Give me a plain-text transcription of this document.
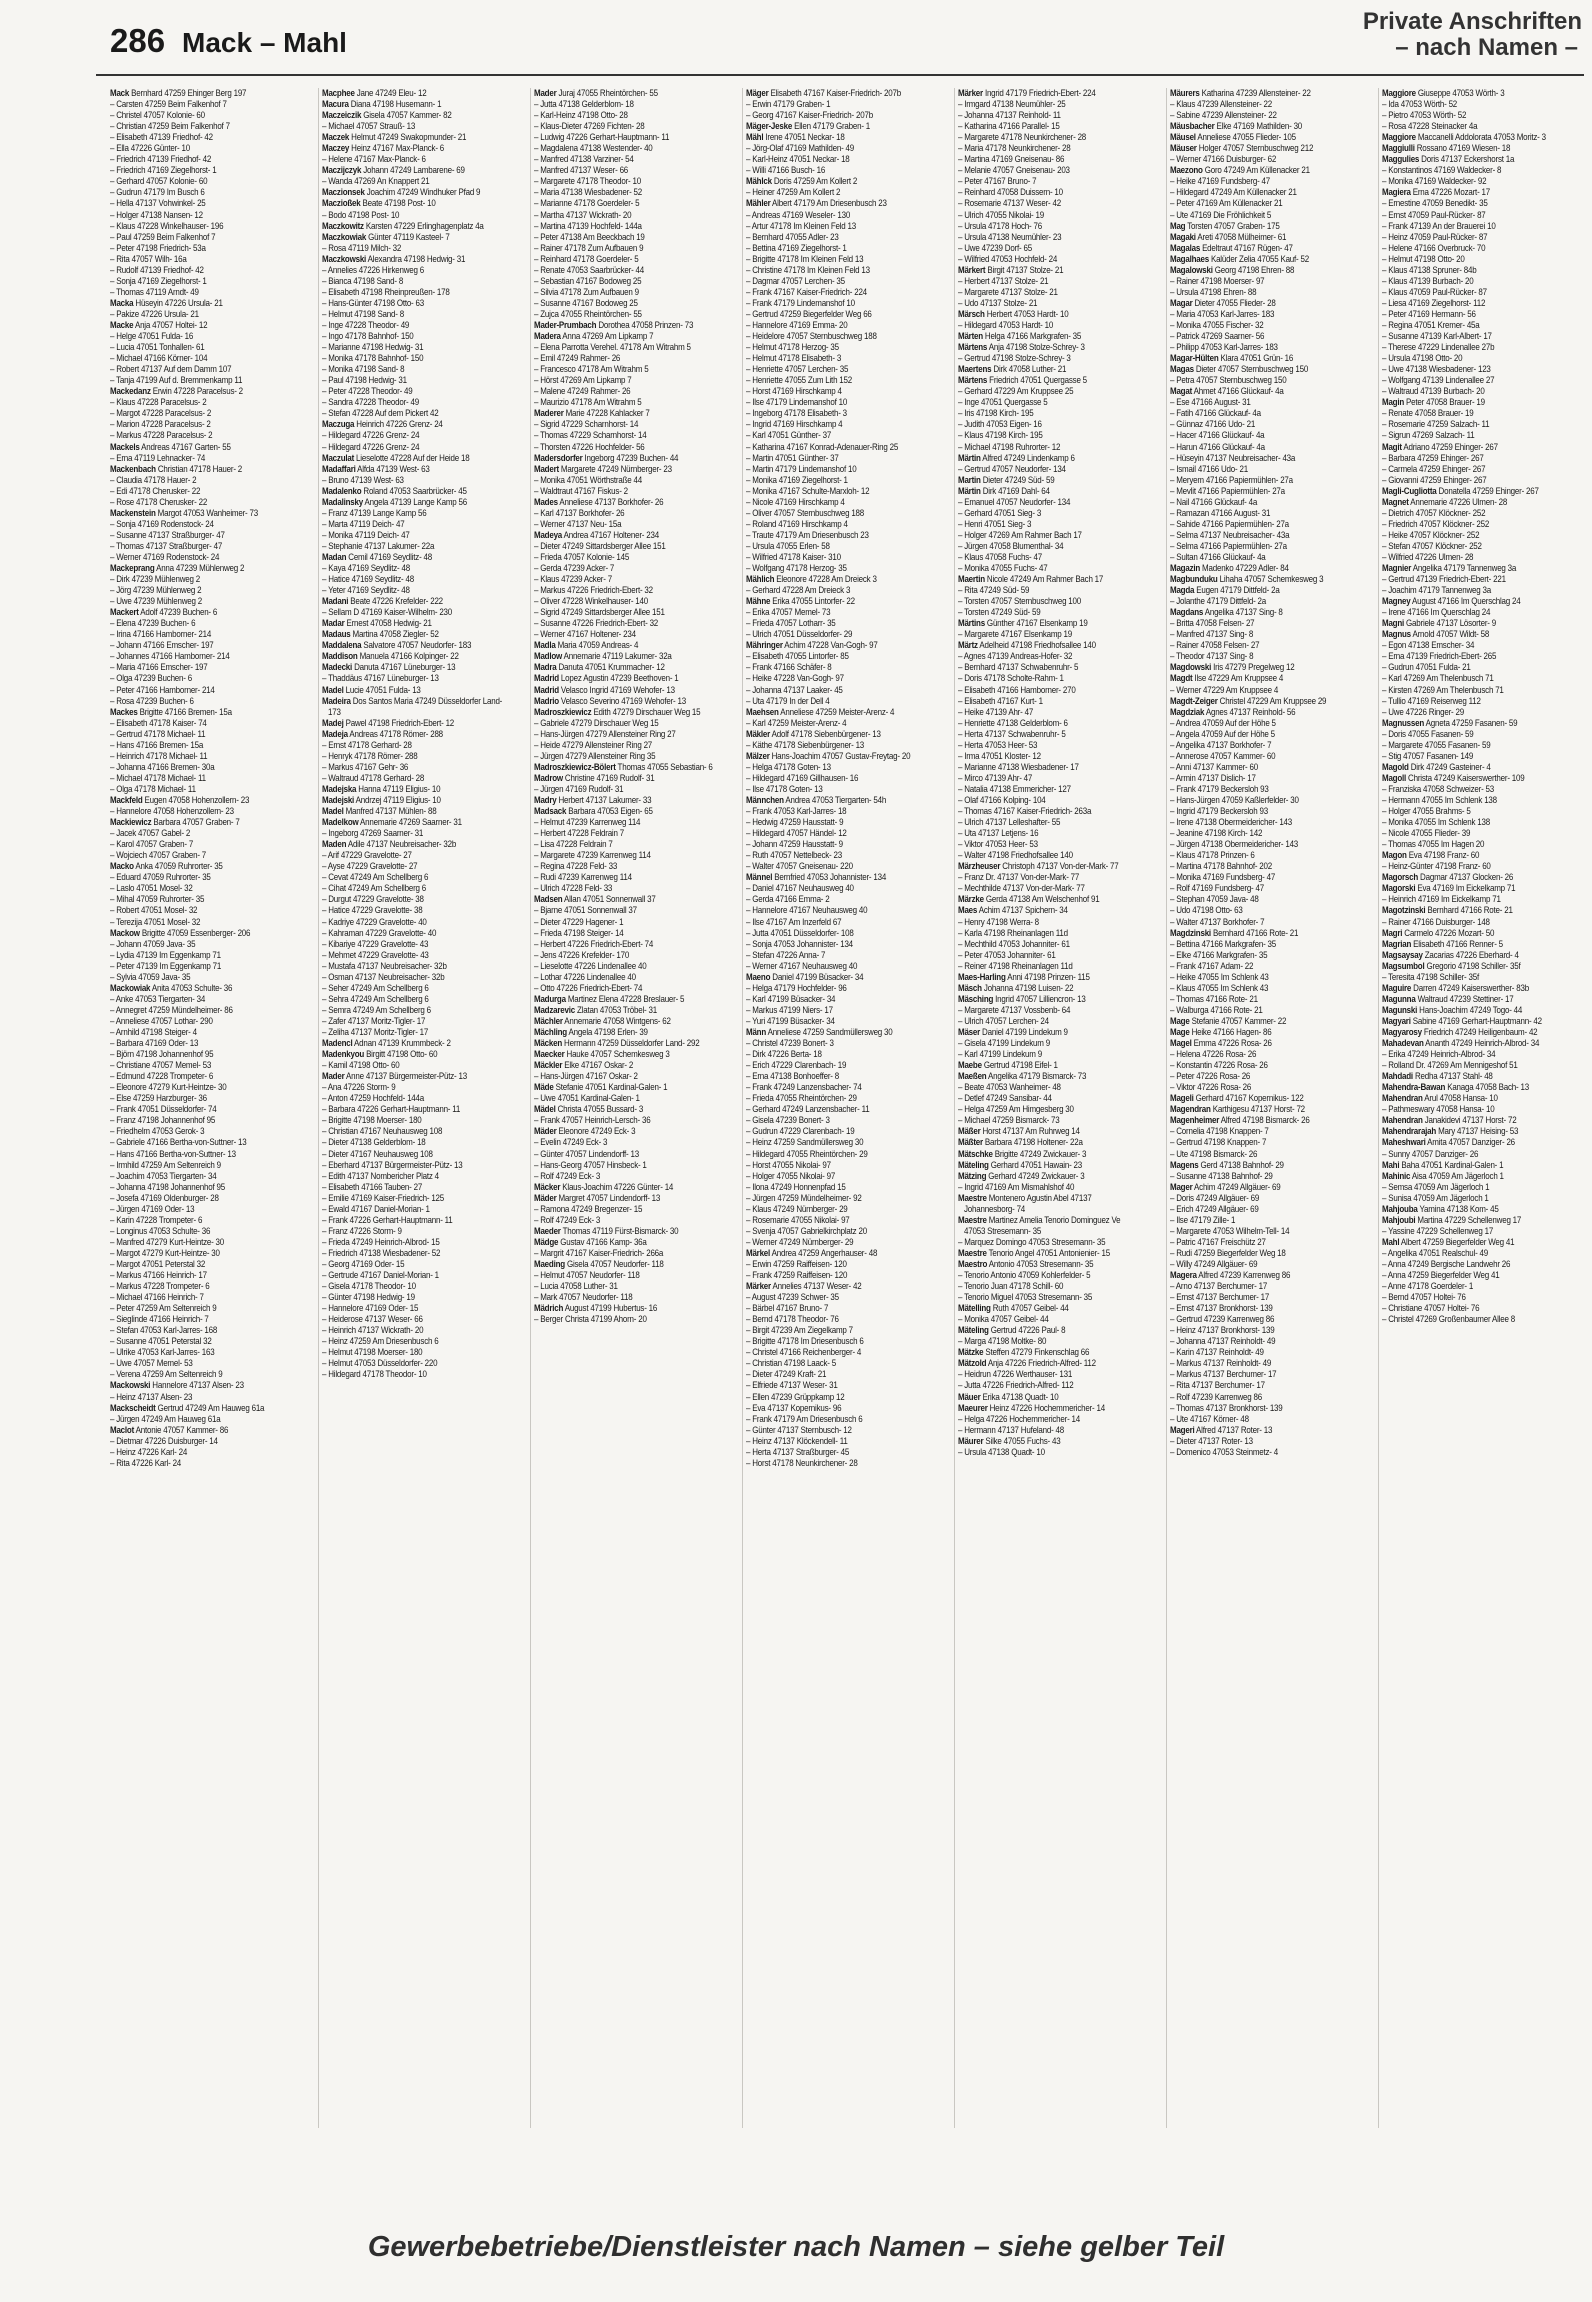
286 Mack – Mahl
Private Anschriften
– nach Namen –
Mack Bernhard 47259 Ehinger Berg 197
– Carsten 47259 Beim Falkenhof 7
– Christel 47057 Kolonie- 60
– Christian 47259 Beim Falkenhof 7
– Elisabeth 47139 Friedhof- 42
– Ella 47226 Günter- 10
– Friedrich 47139 Friedhof- 42
– Friedrich 47169 Ziegelhorst- 1
– Gerhard 47057 Kolonie- 60
– Gudrun 47179 Im Busch 6
– Hella 47137 Vohwinkel- 25
– Holger 47138 Nansen- 12
– Klaus 47228 Winkelhauser- 196
– Paul 47259 Beim Falkenhof 7
– Peter 47198 Friedrich- 53a
– Rita 47057 Wilh- 16a
– Rudolf 47139 Friedhof- 42
– Sonja 47169 Ziegelhorst- 1
– Thomas 47119 Arndt- 49
Macka Hüseyin 47226 Ursula- 21
– Pakize 47226 Ursula- 21
Macke Anja 47057 Holtei- 12
– Helge 47051 Fulda- 16
– Lucia 47051 Tonhallen- 61
– Michael 47166 Körner- 104
– Robert 47137 Auf dem Damm 107
– Tanja 47199 Auf d. Bremmenkamp 11
Mackedanz Erwin 47228 Paracelsus- 2
– Klaus 47228 Paracelsus- 2
– Margot 47228 Paracelsus- 2
– Marion 47228 Paracelsus- 2
– Markus 47228 Paracelsus- 2
Mackels Andreas 47167 Garten- 55
– Erna 47119 Lehnacker- 74
Mackenbach Christian 47178 Hauer- 2
– Claudia 47178 Hauer- 2
– Edi 47178 Cherusker- 22
– Rose 47178 Cherusker- 22
Mackenstein Margot 47053 Wanheimer- 73
– Sonja 47169 Rodenstock- 24
– Susanne 47137 Straßburger- 47
– Thomas 47137 Straßburger- 47
– Werner 47169 Rodenstock- 24
Mackeprang Anna 47239 Mühlenweg 2
– Dirk 47239 Mühlenweg 2
– Jörg 47239 Mühlenweg 2
– Uwe 47239 Mühlenweg 2
Mackert Adolf 47239 Buchen- 6
– Elena 47239 Buchen- 6
– Irina 47166 Hamborner- 214
– Johann 47166 Emscher- 197
– Johannes 47166 Hamborner- 214
– Maria 47166 Emscher- 197
– Olga 47239 Buchen- 6
– Peter 47166 Hamborner- 214
– Rosa 47239 Buchen- 6
Mackes Brigitte 47166 Bremen- 15a
– Elisabeth 47178 Kaiser- 74
– Gertrud 47178 Michael- 11
– Hans 47166 Bremen- 15a
– Heinrich 47178 Michael- 11
– Johanna 47166 Bremen- 30a
– Michael 47178 Michael- 11
– Olga 47178 Michael- 11
Mackfeld Eugen 47058 Hohenzollern- 23
– Hannelore 47058 Hohenzollern- 23
Mackiewicz Barbara 47057 Graben- 7
– Jacek 47057 Gabel- 2
– Karol 47057 Graben- 7
– Wojciech 47057 Graben- 7
Macko Anka 47059 Ruhrorter- 35
– Eduard 47059 Ruhrorter- 35
– Laslo 47051 Mosel- 32
– Mihal 47059 Ruhrorter- 35
– Robert 47051 Mosel- 32
– Terezija 47051 Mosel- 32
Mackow Brigitte 47059 Essenberger- 206
– Johann 47059 Java- 35
– Lydia 47139 Im Eggenkamp 71
– Peter 47139 Im Eggenkamp 71
– Sylvia 47059 Java- 35
Mackowiak Anita 47053 Schulte- 36
– Anke 47053 Tiergarten- 34
– Annegret 47259 Mündelheimer- 86
– Anneliese 47057 Lothar- 290
– Arnhild 47198 Steiger- 4
– Barbara 47169 Oder- 13
– Björn 47198 Johannenhof 95
– Christiane 47057 Memel- 53
– Edmund 47228 Trompeter- 6
– Eleonore 47279 Kurt-Heintze- 30
– Else 47259 Harzburger- 36
– Frank 47051 Düsseldorfer- 74
– Franz 47198 Johannenhof 95
– Friedhelm 47053 Gerok- 3
– Gabriele 47166 Bertha-von-Suttner- 13
– Hans 47166 Bertha-von-Suttner- 13
– Irmhild 47259 Am Seltenreich 9
– Joachim 47053 Tiergarten- 34
– Johanna 47198 Johannenhof 95
– Josefa 47169 Oldenburger- 28
– Jürgen 47169 Oder- 13
– Karin 47228 Trompeter- 6
– Longinus 47053 Schulte- 36
– Manfred 47279 Kurt-Heintze- 30
– Margot 47279 Kurt-Heintze- 30
– Margot 47051 Peterstal 32
– Markus 47166 Heinrich- 17
– Markus 47228 Trompeter- 6
– Michael 47166 Heinrich- 7
– Peter 47259 Am Seltenreich 9
– Sieglinde 47166 Heinrich- 7
– Stefan 47053 Karl-Jarres- 168
– Susanne 47051 Peterstal 32
– Ulrike 47053 Karl-Jarres- 163
– Uwe 47057 Memel- 53
– Verena 47259 Am Seltenreich 9
Mackowski Hannelore 47137 Alsen- 23
– Heinz 47137 Alsen- 23
Mackscheidt Gertrud 47249 Am Hauweg 61a
– Jürgen 47249 Am Hauweg 61a
Maclot Antonie 47057 Kammer- 86
– Dietmar 47226 Duisburger- 14
– Heinz 47226 Karl- 24
– Rita 47226 Karl- 24
Macphee Jane 47249 Eleu- 12
Macura Diana 47198 Husemann- 1
Maczeiczik Gisela 47057 Kammer- 82
– Michael 47057 Strauß- 13
Maczek Helmut 47249 Swakopmunder- 21
Maczey Heinz 47167 Max-Planck- 6
– Helene 47167 Max-Planck- 6
Maczijczyk Johann 47249 Lambarene- 69
– Wanda 47269 An Knappert 21
Maczionsek Joachim 47249 Windhuker Pfad 9
Maczioßek Beate 47198 Post- 10
– Bodo 47198 Post- 10
Maczkowitz Karsten 47229 Erlinghagenplatz 4a
Maczkowiak Günter 47119 Kasteel- 7
– Rosa 47119 Milch- 32
Maczkowski Alexandra 47198 Hedwig- 31
– Annelies 47226 Hirkenweg 6
– Bianca 47198 Sand- 8
– Elisabeth 47198 Rheinpreußen- 178
– Hans-Günter 47198 Otto- 63
– Helmut 47198 Sand- 8
– Inge 47228 Theodor- 49
– Ingo 47178 Bahnhof- 150
– Marianne 47198 Hedwig- 31
– Monika 47178 Bahnhof- 150
– Monika 47198 Sand- 8
– Paul 47198 Hedwig- 31
– Peter 47228 Theodor- 49
– Sandra 47228 Theodor- 49
– Stefan 47228 Auf dem Pickert 42
Maczuga Heinrich 47226 Grenz- 24
– Hildegard 47226 Grenz- 24
– Hildegard 47226 Grenz- 24
Maczulat Lieselotte 47228 Auf der Heide 18
Madaffari Alfda 47139 West- 63
– Bruno 47139 West- 63
Madalenko Roland 47053 Saarbrücker- 45
Madalinsky Angela 47139 Lange Kamp 56
– Franz 47139 Lange Kamp 56
– Marta 47119 Deich- 47
– Monika 47119 Deich- 47
– Stephanie 47137 Lakumer- 22a
Madan Cemil 47169 Seydlitz- 48
– Kaya 47169 Seydlitz- 48
– Hatice 47169 Seydlitz- 48
– Yeter 47169 Seydlitz- 48
Madani Beate 47226 Krefelder- 222
– Sellam D 47169 Kaiser-Wilhelm- 230
Madar Ernest 47058 Hedwig- 21
Madaus Martina 47058 Ziegler- 52
Maddalena Salvatore 47057 Neudorfer- 183
Maddison Manuela 47166 Kolpinger- 22
Madecki Danuta 47167 Lüneburger- 13
– Thaddäus 47167 Lüneburger- 13
Madel Lucie 47051 Fulda- 13
Madeira Dos Santos Maria 47249 Düsseldorfer Land- 173
Madej Pawel 47198 Friedrich-Ebert- 12
Madeja Andreas 47178 Römer- 288
– Ernst 47178 Gerhard- 28
– Henryk 47178 Römer- 288
– Markus 47167 Gehr- 36
– Waltraud 47178 Gerhard- 28
Madejska Hanna 47119 Eligius- 10
Madejski Andrzej 47119 Eligius- 10
Madel Manfred 47137 Mühlen- 88
Madelkow Annemarie 47269 Saarner- 31
– Ingeborg 47269 Saarner- 31
Maden Adile 47137 Neubreisacher- 32b
– Arif 47229 Gravelotte- 27
– Ayse 47229 Gravelotte- 27
– Cevat 47249 Am Schellberg 6
– Cihat 47249 Am Schellberg 6
– Durgut 47229 Gravelotte- 38
– Hatice 47229 Gravelotte- 38
– Kadriye 47229 Gravelotte- 40
– Kahraman 47229 Gravelotte- 40
– Kibariye 47229 Gravelotte- 43
– Mehmet 47229 Gravelotte- 43
– Mustafa 47137 Neubreisacher- 32b
– Osman 47137 Neubreisacher- 32b
– Seher 47249 Am Schellberg 6
– Sehra 47249 Am Schellberg 6
– Semra 47249 Am Schellberg 6
– Zafer 47137 Moritz-Tigler- 17
– Zeliha 47137 Moritz-Tigler- 17
Madencl Adnan 47139 Krummbeck- 2
Madenkyou Birgitt 47198 Otto- 60
– Kamil 47198 Otto- 60
Mader Anne 47137 Bürgermeister-Pütz- 13
– Ana 47226 Storm- 9
– Anton 47259 Hochfeld- 144a
– Barbara 47226 Gerhart-Hauptmann- 11
– Brigitte 47198 Moerser- 180
– Christian 47167 Neuhausweg 108
– Dieter 47138 Gelderblom- 18
– Dieter 47167 Neuhausweg 108
– Eberhard 47137 Bürgermeister-Pütz- 13
– Edith 47137 Nombericher Platz 4
– Elisabeth 47166 Tauben- 27
– Emilie 47169 Kaiser-Friedrich- 125
– Ewald 47167 Daniel-Morian- 1
– Frank 47226 Gerhart-Hauptmann- 11
– Franz 47226 Storm- 9
– Frieda 47249 Heinrich-Albrod- 15
– Friedrich 47138 Wiesbadener- 52
– Georg 47169 Oder- 15
– Gertrude 47167 Daniel-Morian- 1
– Gisela 47178 Theodor- 10
– Günter 47198 Hedwig- 19
– Hannelore 47169 Oder- 15
– Heiderose 47137 Weser- 66
– Heinrich 47137 Wickrath- 20
– Heinz 47259 Am Driesenbusch 6
– Helmut 47198 Moerser- 180
– Helmut 47053 Düsseldorfer- 220
– Hildegard 47178 Theodor- 10
Mader Juraj 47055 Rheintörchen- 55
– Jutta 47138 Gelderblom- 18
– Karl-Heinz 47198 Otto- 28
– Klaus-Dieter 47269 Fichten- 28
– Ludwig 47226 Gerhart-Hauptmann- 11
– Magdalena 47138 Westender- 40
– Manfred 47138 Varziner- 54
– Manfred 47137 Weser- 66
– Margarete 47178 Theodor- 10
– Maria 47138 Wiesbadener- 52
– Marianne 47178 Goerdeler- 5
– Martha 47137 Wickrath- 20
– Martina 47139 Hochfeld- 144a
– Peter 47138 Am Beeckbach 19
– Rainer 47178 Zum Aufbauen 9
– Reinhard 47178 Goerdeler- 5
– Renate 47053 Saarbrücker- 44
– Sebastian 47167 Bodoweg 25
– Silvia 47178 Zum Aufbauen 9
– Susanne 47167 Bodoweg 25
– Zujca 47055 Rheintörchen- 55
Mader-Prumbach Dorothea 47058 Prinzen- 73
Madera Anna 47269 Am Lipkamp 7
– Elena Parrotta Verehel. 47178 Am Witrahm 5
– Emil 47249 Rahmer- 26
– Francesco 47178 Am Witrahm 5
– Hörst 47269 Am Lipkamp 7
– Malene 47249 Rahmer- 26
– Maurizio 47178 Am Witrahm 5
Maderer Marie 47228 Kahlacker 7
– Sigrid 47229 Scharnhorst- 14
– Thomas 47229 Scharnhorst- 14
– Thorsten 47226 Hochfelder- 56
Madersdorfer Ingeborg 47239 Buchen- 44
Madert Margarete 47249 Nürnberger- 23
– Monika 47051 Wörthstraße 44
– Waldtraut 47167 Fiskus- 2
Mades Anneliese 47137 Borkhofer- 26
– Karl 47137 Borkhofer- 26
– Werner 47137 Neu- 15a
Madeya Andrea 47167 Holtener- 234
– Dieter 47249 Sittardsberger Allee 151
– Frieda 47057 Kolonie- 145
– Gerda 47239 Acker- 7
– Klaus 47239 Acker- 7
– Markus 47226 Friedrich-Ebert- 32
– Oliver 47228 Winkelhauser- 140
– Sigrid 47249 Sittardsberger Allee 151
– Susanne 47226 Friedrich-Ebert- 32
– Werner 47167 Holtener- 234
Madla Maria 47059 Andreas- 4
Madlow Annemarie 47119 Lakumer- 32a
Madra Danuta 47051 Krummacher- 12
Madrid Lopez Agustin 47239 Beethoven- 1
Madrid Velasco Ingrid 47169 Wehofer- 13
Madrio Velasco Severino 47169 Wehofer- 13
Madroszkiewicz Edith 47279 Dirschauer Weg 15
– Gabriele 47279 Dirschauer Weg 15
– Hans-Jürgen 47279 Allensteiner Ring 27
– Heide 47279 Allensteiner Ring 27
– Jürgen 47279 Allensteiner Ring 35
Madroszkiewicz-Bölert Thomas 47055 Sebastian- 6
Madrow Christine 47169 Rudolf- 31
– Jürgen 47169 Rudolf- 31
Madry Herbert 47137 Lakumer- 33
Madsack Barbara 47053 Eigen- 65
– Helmut 47239 Karrenweg 114
– Herbert 47228 Feldrain 7
– Lisa 47228 Feldrain 7
– Margarete 47239 Karrenweg 114
– Regina 47228 Feld- 33
– Rudi 47239 Karrenweg 114
– Ulrich 47228 Feld- 33
Madsen Allan 47051 Sonnenwall 37
– Bjarne 47051 Sonnenwall 37
– Dieter 47229 Hagener- 1
– Frieda 47198 Steiger- 14
– Herbert 47226 Friedrich-Ebert- 74
– Jens 47226 Krefelder- 170
– Lieselotte 47226 Lindenallee 40
– Lothar 47226 Lindenallee 40
– Otto 47226 Friedrich-Ebert- 74
Madurga Martinez Elena 47228 Breslauer- 5
Madzarevic Zlatan 47053 Tröbel- 31
Mächler Annemarie 47058 Wintgens- 62
Mächling Angela 47198 Erlen- 39
Mäcken Hermann 47259 Düsseldorfer Land- 292
Maecker Hauke 47057 Schemkesweg 3
Mäckler Elke 47167 Oskar- 2
– Hans-Jürgen 47167 Oskar- 2
Mäde Stefanie 47051 Kardinal-Galen- 1
– Uwe 47051 Kardinal-Galen- 1
Mädel Christa 47055 Bussard- 3
– Frank 47057 Heinrich-Lersch- 36
Mäder Eleonore 47249 Eck- 3
– Evelin 47249 Eck- 3
– Günter 47057 Lindendorff- 13
– Hans-Georg 47057 Hinsbeck- 1
– Rolf 47249 Eck- 3
Mäcker Klaus-Joachim 47226 Günter- 14
Mäder Margret 47057 Lindendorff- 13
– Ramona 47249 Bregenzer- 15
– Rolf 47249 Eck- 3
Maeder Thomas 47119 Fürst-Bismarck- 30
Mädge Gustav 47166 Kamp- 36a
– Margrit 47167 Kaiser-Friedrich- 266a
Maeding Gisela 47057 Neudorfer- 118
– Helmut 47057 Neudorfer- 118
– Lucia 47058 Luther- 31
– Mark 47057 Neudorfer- 118
Mädrich August 47199 Hubertus- 16
– Berger Christa 47199 Ahorn- 20
Mäger Elisabeth 47167 Kaiser-Friedrich- 207b
– Erwin 47179 Graben- 1
– Georg 47167 Kaiser-Friedrich- 207b
Mäger-Jeske Ellen 47179 Graben- 1
Mähl Irene 47051 Neckar- 18
– Jörg-Olaf 47169 Mathilden- 49
– Karl-Heinz 47051 Neckar- 18
– Willi 47166 Busch- 16
Mählck Doris 47259 Am Kollert 2
– Heiner 47259 Am Kollert 2
Mähler Albert 47179 Am Driesenbusch 23
– Andreas 47169 Weseler- 130
– Artur 47178 Im Kleinen Feld 13
– Bernhard 47055 Adler- 23
– Bettina 47169 Ziegelhorst- 1
– Brigitte 47178 Im Kleinen Feld 13
– Christine 47178 Im Kleinen Feld 13
– Dagmar 47057 Lerchen- 35
– Frank 47167 Kaiser-Friedrich- 224
– Frank 47179 Lindemanshof 10
– Gertrud 47259 Biegerfelder Weg 66
– Hannelore 47169 Emma- 20
– Heidelore 47057 Sternbuschweg 188
– Helmut 47178 Herzog- 35
– Helmut 47178 Elisabeth- 3
– Henriette 47057 Lerchen- 35
– Henriette 47055 Zum Lith 152
– Horst 47169 Hirschkamp 4
– Ilse 47179 Lindemanshof 10
– Ingeborg 47178 Elisabeth- 3
– Ingrid 47169 Hirschkamp 4
– Karl 47051 Günther- 37
– Katharina 47167 Konrad-Adenauer-Ring 25
– Martin 47051 Günther- 37
– Martin 47179 Lindemanshof 10
– Monika 47169 Ziegelhorst- 1
– Monika 47167 Schulte-Marxloh- 12
– Nicole 47169 Hirschkamp 4
– Oliver 47057 Sternbuschweg 188
– Roland 47169 Hirschkamp 4
– Traute 47179 Am Driesenbusch 23
– Ursula 47055 Erlen- 58
– Wilfried 47178 Kaiser- 310
– Wolfgang 47178 Herzog- 35
Mählich Eleonore 47228 Am Dreieck 3
– Gerhard 47228 Am Dreieck 3
Mähne Erika 47055 Lintorfer- 22
– Erika 47057 Memel- 73
– Frieda 47057 Lotharr- 35
– Ulrich 47051 Düsseldorfer- 29
Mähringer Achim 47228 Van-Gogh- 97
– Elisabeth 47055 Lintorfer- 85
– Frank 47166 Schäfer- 8
– Heike 47228 Van-Gogh- 97
– Johanna 47137 Laaker- 45
– Uta 47179 In der Dell 4
Maehsen Anneliese 47259 Meister-Arenz- 4
– Karl 47259 Meister-Arenz- 4
Mäkler Adolf 47178 Siebenbürgener- 13
– Käthe 47178 Siebenbürgener- 13
Mälzer Hans-Joachim 47057 Gustav-Freytag- 20
– Helga 47178 Goten- 13
– Hildegard 47169 Gillhausen- 16
– Ilse 47178 Goten- 13
Männchen Andrea 47053 Tiergarten- 54h
– Frank 47053 Karl-Jarres- 18
– Hedwig 47259 Hausstatt- 9
– Hildegard 47057 Händel- 12
– Johann 47259 Hausstatt- 9
– Ruth 47057 Nettelbeck- 23
– Walter 47057 Gneisenau- 220
Männel Bernfried 47053 Johannister- 134
– Daniel 47167 Neuhausweg 40
– Gerda 47166 Emma- 2
– Hannelore 47167 Neuhausweg 40
– Ilse 47167 Am Inzerfeld 67
– Jutta 47051 Düsseldorfer- 108
– Sonja 47053 Johannister- 134
– Stefan 47226 Anna- 7
– Werner 47167 Neuhausweg 40
Maeno Daniel 47199 Büsacker- 34
– Helga 47179 Hochfelder- 96
– Karl 47199 Büsacker- 34
– Markus 47199 Niers- 17
– Yuri 47199 Büsacker- 34
Männ Anneliese 47259 Sandmüllersweg 30
– Christel 47239 Bonert- 3
– Dirk 47226 Berta- 18
– Erich 47229 Clarenbach- 19
– Erna 47138 Bonhoeffer- 8
– Frank 47249 Lanzensbacher- 74
– Frieda 47055 Rheintörchen- 29
– Gerhard 47249 Lanzensbacher- 11
– Gisela 47239 Bonert- 3
– Gudrun 47229 Clarenbach- 19
– Heinz 47259 Sandmüllersweg 30
– Hildegard 47055 Rheintörchen- 29
– Horst 47055 Nikolai- 97
– Holger 47055 Nikolai- 97
– Ilona 47249 Honnenpfad 15
– Jürgen 47259 Mündelheimer- 92
– Klaus 47249 Nürnberger- 29
– Rosemarie 47055 Nikolai- 97
– Svenja 47057 Gabrielkirchplatz 20
– Werner 47249 Nürnberger- 29
Märkel Andrea 47259 Angerhauser- 48
– Erwin 47259 Raiffeisen- 120
– Frank 47259 Raiffeisen- 120
Märker Annelies 47137 Weser- 42
– August 47239 Schwer- 35
– Bärbel 47167 Bruno- 7
– Bernd 47178 Theodor- 76
– Birgit 47239 Am Ziegelkamp 7
– Brigitte 47178 Im Driesenbusch 6
– Christel 47166 Reichenberger- 4
– Christian 47198 Laack- 5
– Dieter 47249 Kraft- 21
– Elfriede 47137 Weser- 31
– Ellen 47239 Grüppkamp 12
– Eva 47137 Kopernikus- 96
– Frank 47179 Am Driesenbusch 6
– Günter 47137 Sternbusch- 12
– Heinz 47137 Klöckendell- 11
– Herta 47137 Straßburger- 45
– Horst 47178 Neunkirchener- 28
Märker Ingrid 47179 Friedrich-Ebert- 224
– Irmgard 47138 Neumühler- 25
– Johanna 47137 Reinhold- 11
– Katharina 47166 Parallel- 15
– Margarete 47178 Neunkirchener- 28
– Maria 47178 Neunkirchener- 28
– Martina 47169 Gneisenau- 86
– Melanie 47057 Gneisenau- 203
– Peter 47167 Bruno- 7
– Reinhard 47058 Duissern- 10
– Rosemarie 47137 Weser- 42
– Ulrich 47055 Nikolai- 19
– Ursula 47178 Hoch- 76
– Ursula 47138 Neumühler- 23
– Uwe 47239 Dorf- 65
– Wilfried 47053 Hochfeld- 24
Märkert Birgit 47137 Stolze- 21
– Herbert 47137 Stolze- 21
– Margarete 47137 Stolze- 21
– Udo 47137 Stolze- 21
Märsch Herbert 47053 Hardt- 10
– Hildegard 47053 Hardt- 10
Märten Helga 47166 Markgrafen- 35
Märtens Anja 47198 Stolze-Schrey- 3
– Gertrud 47198 Stolze-Schrey- 3
Maertens Dirk 47058 Luther- 21
Märtens Friedrich 47051 Quergasse 5
– Gerhard 47229 Am Kruppsee 25
– Inge 47051 Quergasse 5
– Iris 47198 Kirch- 195
– Judith 47053 Eigen- 16
– Klaus 47198 Kirch- 195
– Michael 47198 Ruhrorter- 12
Märtin Alfred 47249 Lindenkamp 6
– Gertrud 47057 Neudorfer- 134
Martin Dieter 47249 Süd- 59
Märtin Dirk 47169 Dahl- 64
– Emanuel 47057 Neudorfer- 134
– Gerhard 47051 Sieg- 3
– Henri 47051 Sieg- 3
– Holger 47269 Am Rahmer Bach 17
– Jürgen 47058 Blumenthal- 34
– Klaus 47058 Fuchs- 47
– Monika 47055 Fuchs- 47
Maertin Nicole 47249 Am Rahmer Bach 17
– Rita 47249 Süd- 59
– Torsten 47057 Sternbuschweg 100
– Torsten 47249 Süd- 59
Märtins Günther 47167 Elsenkamp 19
– Margarete 47167 Elsenkamp 19
Märtz Adelheid 47198 Friedhofsallee 140
– Agnes 47139 Andreas-Hofer- 32
– Bernhard 47137 Schwabenruhr- 5
– Doris 47178 Scholte-Rahm- 1
– Elisabeth 47166 Hamborner- 270
– Elisabeth 47167 Kurt- 1
– Heike 47139 Ahr- 47
– Henriette 47138 Gelderblom- 6
– Herta 47137 Schwabenruhr- 5
– Herta 47053 Heer- 53
– Irma 47051 Kloster- 12
– Marianne 47138 Wiesbadener- 17
– Mirco 47139 Ahr- 47
– Natalia 47138 Emmericher- 127
– Olaf 47166 Kolping- 104
– Thomas 47167 Kaiser-Friedrich- 263a
– Ulrich 47137 Lelleshafter- 55
– Uta 47137 Letjens- 16
– Viktor 47053 Heer- 53
– Walter 47198 Friedhofsallee 140
Märzheuser Christoph 47137 Von-der-Mark- 77
– Franz Dr. 47137 Von-der-Mark- 77
– Mechthilde 47137 Von-der-Mark- 77
Märzke Gerda 47138 Am Welschenhof 91
Maes Achim 47137 Spichern- 34
– Henry 47198 Werra- 8
– Karla 47198 Rheinanlagen 11d
– Mechthild 47053 Johanniter- 61
– Peter 47053 Johanniter- 61
– Reiner 47198 Rheinanlagen 11d
Maes-Harling Anni 47198 Prinzen- 115
Mäsch Johanna 47198 Luisen- 22
Mäsching Ingrid 47057 Lilliencron- 13
– Margarete 47137 Vossbenb- 64
– Ulrich 47057 Lerchen- 24
Mäser Daniel 47199 Lindekum 9
– Gisela 47199 Lindekum 9
– Karl 47199 Lindekum 9
Maebe Gertrud 47198 Eifel- 1
Maeßen Angelika 47179 Bismarck- 73
– Beate 47053 Wanheimer- 48
– Detlef 47249 Sansibar- 44
– Helga 47259 Am Himgesberg 30
– Michael 47259 Bismarck- 73
Mäßer Horst 47137 Am Ruhrweg 14
Mäßter Barbara 47198 Holtener- 22a
Mätschke Brigitte 47249 Zwickauer- 3
Mäteling Gerhard 47051 Hawain- 23
Mätzing Gerhard 47249 Zwickauer- 3
– Ingrid 47169 Am Mismahlshof 40
Maestre Montenero Agustin Abel 47137 Johannesborg- 74
Maestre Martinez Amelia Tenorio Dominguez Ve 47053 Stresemann- 35
– Marquez Domingo 47053 Stresemann- 35
Maestre Tenorio Angel 47051 Antonienier- 15
Maestro Antonio 47053 Stresemann- 35
– Tenorio Antonio 47059 Kohlerfelder- 5
– Tenorio Juan 47178 Schill- 60
– Tenorio Miguel 47053 Stresemann- 35
Mätelling Ruth 47057 Geibel- 44
– Monika 47057 Geibel- 44
Mäteling Gertrud 47226 Paul- 8
– Marga 47198 Moltke- 80
Mätzke Steffen 47279 Finkenschlag 66
Mätzold Anja 47226 Friedrich-Alfred- 112
– Heidrun 47226 Werthauser- 131
– Jutta 47226 Friedrich-Alfred- 112
Mäuer Erika 47138 Quadt- 10
Maeurer Heinz 47226 Hochemmericher- 14
– Helga 47226 Hochemmericher- 14
– Hermann 47137 Hufeland- 48
Mäurer Silke 47055 Fuchs- 43
– Ursula 47138 Quadt- 10
Mäurers Katharina 47239 Allensteiner- 22
– Klaus 47239 Allensteiner- 22
– Sabine 47239 Allensteiner- 22
Mäusbacher Elke 47169 Mathilden- 30
Mäusel Anneliese 47055 Flieder- 105
Mäuser Holger 47057 Sternbuschweg 212
– Werner 47166 Duisburger- 62
Maezono Goro 47249 Am Küllenacker 21
– Heike 47169 Fundsberg- 47
– Hildegard 47249 Am Küllenacker 21
– Peter 47169 Am Küllenacker 21
– Ute 47169 Die Fröhlichkeit 5
Mag Torsten 47057 Graben- 175
Magaki Areti 47058 Mülheimer- 61
Magalas Edeltraut 47167 Rügen- 47
Magalhaes Kalüder Zelia 47055 Kauf- 52
Magalowski Georg 47198 Ehren- 88
– Rainer 47198 Moerser- 97
– Ursula 47198 Ehren- 88
Magar Dieter 47055 Flieder- 28
– Maria 47053 Karl-Jarres- 183
– Monika 47055 Fischer- 32
– Patrick 47269 Saarner- 56
– Philipp 47053 Karl-Jarres- 183
Magar-Hülten Klara 47051 Grün- 16
Magas Dieter 47057 Sternbuschweg 150
– Petra 47057 Sternbuschweg 150
Magat Ahmet 47166 Glückauf- 4a
– Ese 47166 August- 31
– Fatih 47166 Glückauf- 4a
– Günnaz 47166 Udo- 21
– Hacer 47166 Glückauf- 4a
– Harun 47166 Glückauf- 4a
– Hüseyin 47137 Neubreisacher- 43a
– Ismail 47166 Udo- 21
– Meryem 47166 Papiermühlen- 27a
– Mevlit 47166 Papiermühlen- 27a
– Nail 47166 Glückauf- 4a
– Ramazan 47166 August- 31
– Sahide 47166 Papiermühlen- 27a
– Selma 47137 Neubreisacher- 43a
– Selma 47166 Papiermühlen- 27a
– Sultan 47166 Glückauf- 4a
Magazin Madenko 47229 Adler- 84
Magbunduku Lihaha 47057 Schemkesweg 3
Magda Eugen 47179 Dittfeld- 2a
– Jolanthe 47179 Dittfeld- 2a
Magdans Angelika 47137 Sing- 8
– Britta 47058 Felsen- 27
– Manfred 47137 Sing- 8
– Rainer 47058 Felsen- 27
– Theodor 47137 Sing- 8
Magdowski Iris 47279 Pregelweg 12
Magdt Ilse 47229 Am Kruppsee 4
– Werner 47229 Am Kruppsee 4
Magdt-Zeiger Christel 47229 Am Kruppsee 29
Magdziak Agnes 47137 Reinhold- 56
– Andrea 47059 Auf der Höhe 5
– Angela 47059 Auf der Höhe 5
– Angelika 47137 Borkhofer- 7
– Annerose 47057 Kammer- 60
– Anni 47137 Kammer- 60
– Armin 47137 Dislich- 17
– Frank 47179 Beckersloh 93
– Hans-Jürgen 47059 Kaßlerfelder- 30
– Ingrid 47179 Beckersloh 93
– Irene 47138 Obermeidericher- 143
– Jeanine 47198 Kirch- 142
– Jürgen 47138 Obermeidericher- 143
– Klaus 47178 Prinzen- 6
– Martina 47178 Bahnhof- 202
– Monika 47169 Fundsberg- 47
– Rolf 47169 Fundsberg- 47
– Stephan 47059 Java- 48
– Udo 47198 Otto- 63
– Walter 47137 Borkhofer- 7
Magdzinski Bernhard 47166 Rote- 21
– Bettina 47166 Markgrafen- 35
– Elke 47166 Markgrafen- 35
– Frank 47167 Adam- 22
– Heike 47055 Im Schlenk 43
– Klaus 47055 Im Schlenk 43
– Thomas 47166 Rote- 21
– Walburga 47166 Rote- 21
Mage Stefanie 47057 Kammer- 22
Mage Heike 47166 Hagen- 86
Magel Emma 47226 Rosa- 26
– Helena 47226 Rosa- 26
– Konstantin 47226 Rosa- 26
– Peter 47226 Rosa- 26
– Viktor 47226 Rosa- 26
Mageli Gerhard 47167 Kopernikus- 122
Magendran Karthigesu 47137 Horst- 72
Magenheimer Alfred 47198 Bismarck- 26
– Cornelia 47198 Knappen- 7
– Gertrud 47198 Knappen- 7
– Ute 47198 Bismarck- 26
Magens Gerd 47138 Bahnhof- 29
– Susanne 47138 Bahnhof- 29
Mager Achim 47249 Allgäuer- 69
– Doris 47249 Allgäuer- 69
– Erich 47249 Allgäuer- 69
– Ilse 47179 Zille- 1
– Margarete 47053 Wilhelm-Tell- 14
– Patric 47167 Freischütz 27
– Rudi 47259 Biegerfelder Weg 18
– Willy 47249 Allgäuer- 69
Magera Alfred 47239 Karrenweg 86
– Arno 47137 Berchumer- 17
– Ernst 47137 Berchumer- 17
– Ernst 47137 Bronkhorst- 139
– Gertrud 47239 Karrenweg 86
– Heinz 47137 Bronkhorst- 139
– Johanna 47137 Reinholdt- 49
– Karin 47137 Reinholdt- 49
– Markus 47137 Reinholdt- 49
– Markus 47137 Berchumer- 17
– Rita 47137 Berchumer- 17
– Rolf 47239 Karrenweg 86
– Thomas 47137 Bronkhorst- 139
– Ute 47167 Körner- 48
Mageri Alfred 47137 Roter- 13
– Dieter 47137 Roter- 13
– Domenico 47053 Steinmetz- 4
Maggiore Giuseppe 47053 Wörth- 3
– Ida 47053 Wörth- 52
– Pietro 47053 Wörth- 52
– Rosa 47228 Steinacker 4a
Maggiore Maccanelli Addolorata 47053 Moritz- 3
Maggiulli Rossano 47169 Wiesen- 18
Maggulies Doris 47137 Eckershorst 1a
– Konstantinos 47169 Waldecker- 8
– Monika 47169 Waldecker- 92
Magiera Erna 47226 Mozart- 17
– Ernestine 47059 Benedikt- 35
– Ernst 47059 Paul-Rücker- 87
– Frank 47139 An der Brauerei 10
– Heinz 47059 Paul-Rücker- 87
– Helene 47166 Overbruck- 70
– Helmut 47198 Otto- 20
– Klaus 47138 Spruner- 84b
– Klaus 47139 Burbach- 20
– Klaus 47059 Paul-Rücker- 87
– Liesa 47169 Ziegelhorst- 112
– Peter 47169 Hermann- 56
– Regina 47051 Kremer- 45a
– Susanne 47139 Karl-Albert- 17
– Therese 47229 Lindenallee 27b
– Ursula 47198 Otto- 20
– Uwe 47138 Wiesbadener- 123
– Wolfgang 47139 Lindenallee 27
– Waltraud 47139 Burbach- 20
Magin Peter 47058 Brauer- 19
– Renate 47058 Brauer- 19
– Rosemarie 47259 Salzach- 11
– Sigrun 47269 Salzach- 11
Magit Adriano 47259 Ehinger- 267
– Barbara 47259 Ehinger- 267
– Carmela 47259 Ehinger- 267
– Giovanni 47259 Ehinger- 267
Magli-Cugliotta Donatella 47259 Ehinger- 267
Magnet Annemarie 47226 Ulmen- 28
– Dietrich 47057 Klöckner- 252
– Friedrich 47057 Klöckner- 252
– Heike 47057 Klöckner- 252
– Stefan 47057 Klöckner- 252
– Wilfried 47226 Ulmen- 28
Magnier Angelika 47179 Tannenweg 3a
– Gertrud 47139 Friedrich-Ebert- 221
– Joachim 47179 Tannenweg 3a
Magney August 47166 Im Querschlag 24
– Irene 47166 Im Querschlag 24
Magni Gabriele 47137 Lösorter- 9
Magnus Arnold 47057 Wildt- 58
– Egon 47138 Emscher- 34
– Erna 47139 Friedrich-Ebert- 265
– Gudrun 47051 Fulda- 21
– Karl 47269 Am Thelenbusch 71
– Kirsten 47269 Am Thelenbusch 71
– Tullio 47169 Reiserweg 112
– Uwe 47226 Ringer- 29
Magnussen Agneta 47259 Fasanen- 59
– Doris 47055 Fasanen- 59
– Margarete 47055 Fasanen- 59
– Stig 47057 Fasanen- 149
Magold Dirk 47249 Gasteiner- 4
Magoll Christa 47249 Kaiserswerther- 109
– Franziska 47058 Schweizer- 53
– Hermann 47055 Im Schlenk 138
– Holger 47055 Brahms- 5
– Monika 47055 Im Schlenk 138
– Nicole 47055 Flieder- 39
– Thomas 47055 Im Hagen 20
Magon Eva 47198 Franz- 60
– Heinz-Günter 47198 Franz- 60
Magorsch Dagmar 47137 Glocken- 26
Magorski Eva 47169 Im Eickelkamp 71
– Heinrich 47169 Im Eickelkamp 71
Magotzinski Bernhard 47166 Rote- 21
– Rainer 47166 Duisburger- 148
Magri Carmelo 47226 Mozart- 50
Magrian Elisabeth 47166 Renner- 5
Magsaysay Zacarias 47226 Eberhard- 4
Magsumbol Gregorio 47198 Schiller- 35f
– Teresita 47198 Schiller- 35f
Maguire Darren 47249 Kaiserswerther- 83b
Magunna Waltraud 47239 Stettiner- 17
Magunski Hans-Joachim 47249 Togo- 44
Magyari Sabine 47169 Gerhart-Hauptmann- 42
Magyarosy Friedrich 47249 Heiligenbaum- 42
Mahadevan Ananth 47249 Heinrich-Albrod- 34
– Erika 47249 Heinrich-Albrod- 34
– Rolland Dr. 47269 Am Mennigeshof 51
Mahdadi Redha 47137 Stahl- 48
Mahendra-Bawan Kanaga 47058 Bach- 13
Mahendran Arul 47058 Hansa- 10
– Pathmeswary 47058 Hansa- 10
Mahendran Janakidevi 47137 Horst- 72
Mahendrarajah Mary 47137 Heising- 53
Maheshwari Amita 47057 Danziger- 26
– Sunny 47057 Danziger- 26
Mahi Baha 47051 Kardinal-Galen- 1
Mahinic Aisa 47059 Am Jägerloch 1
– Semsa 47059 Am Jägerloch 1
– Sunisa 47059 Am Jägerloch 1
Mahjouba Yamina 47138 Kom- 45
Mahjoubi Martina 47229 Schellenweg 17
– Yassine 47229 Schellenweg 17
Mahl Albert 47259 Biegerfelder Weg 41
– Angelika 47051 Realschul- 49
– Anna 47249 Bergische Landwehr 26
– Anna 47259 Biegerfelder Weg 41
– Anne 47178 Goerdeler- 1
– Bernd 47057 Holtei- 76
– Christiane 47057 Holtei- 76
– Christel 47269 Großenbaumer Allee 8
Gewerbebetriebe/Dienstleister nach Namen – siehe gelber Teil
